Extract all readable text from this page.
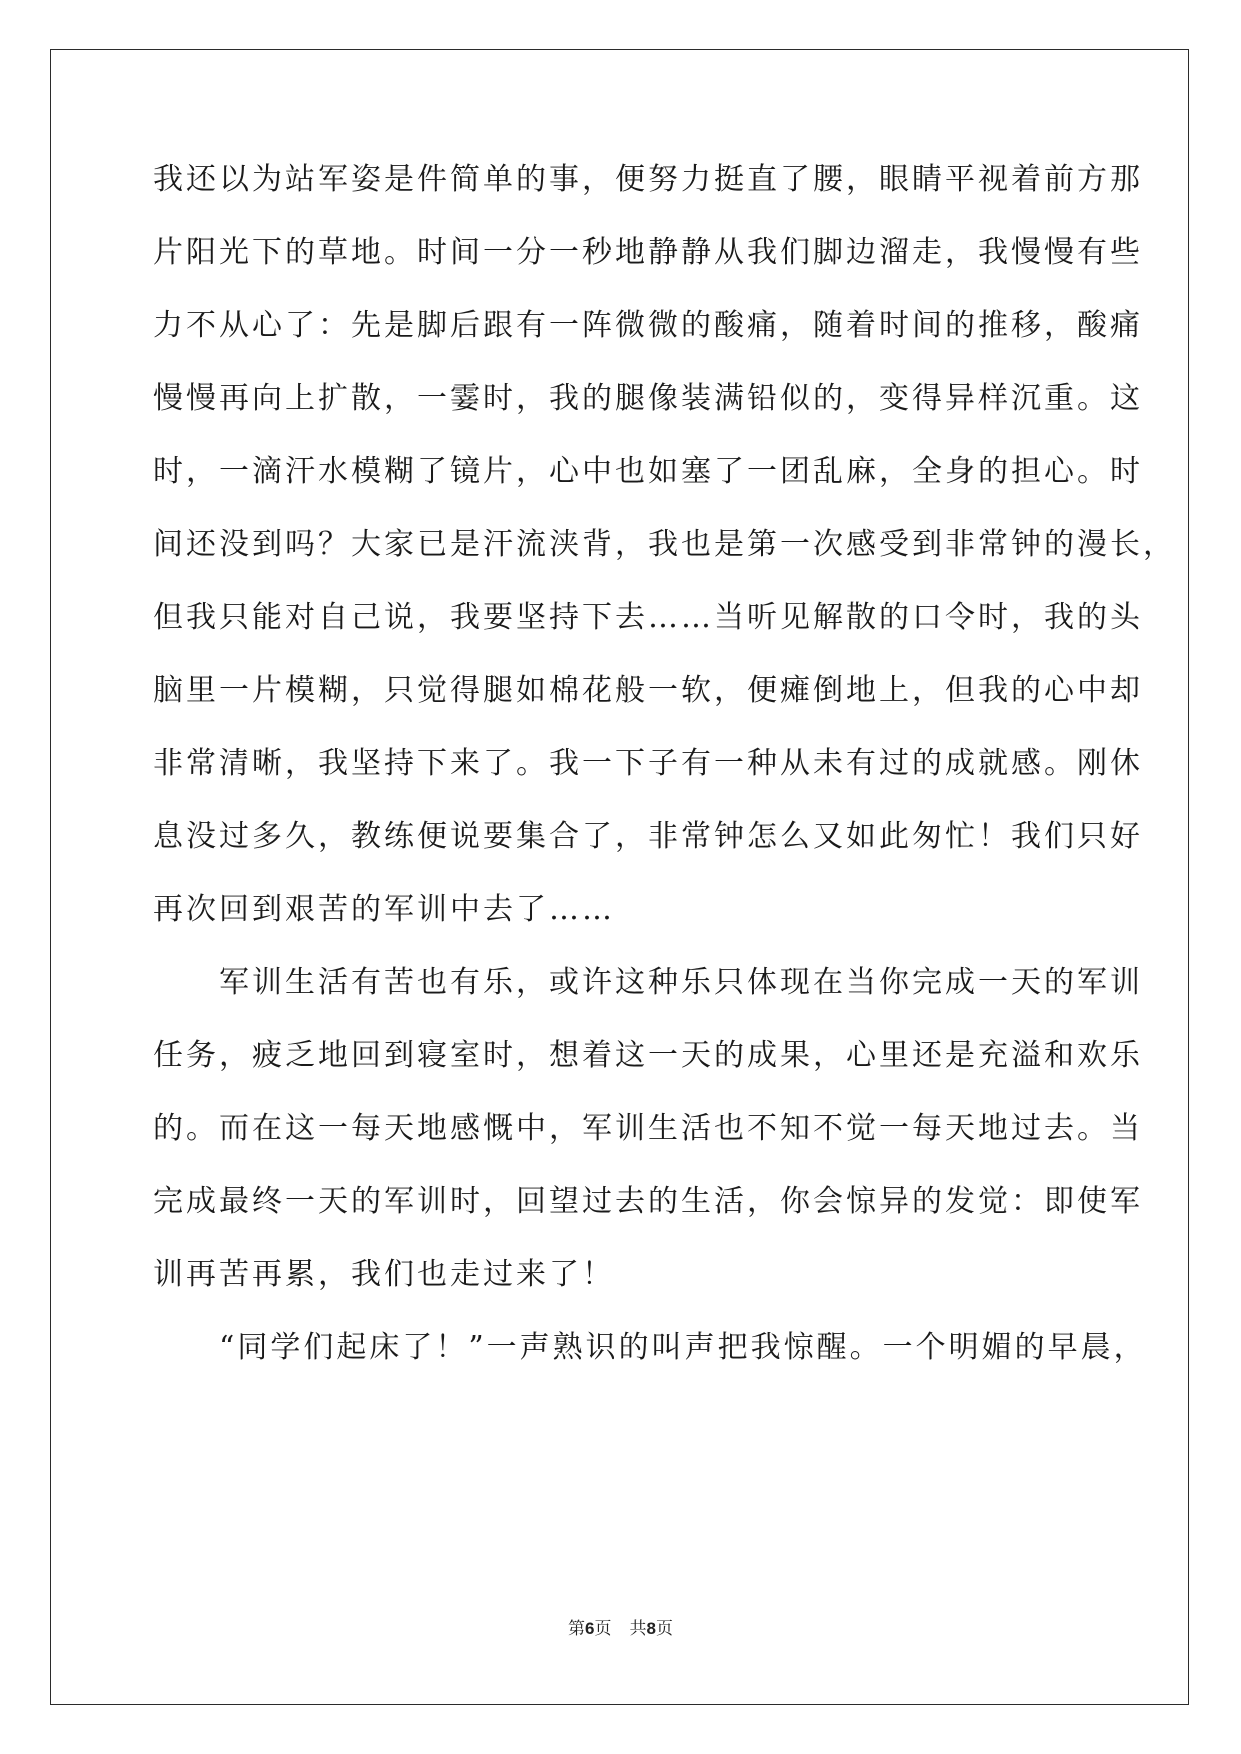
我还以为站军姿是件简单的事，便努力挺直了腰，眼睛平视着前方那
片阳光下的草地。时间一分一秒地静静从我们脚边溜走，我慢慢有些
力不从心了：先是脚后跟有一阵微微的酸痛，随着时间的推移，酸痛
慢慢再向上扩散，一霎时，我的腿像装满铅似的，变得异样沉重。这
时，一滴汗水模糊了镜片，心中也如塞了一团乱麻，全身的担心。时
间还没到吗？大家已是汗流浃背，我也是第一次感受到非常钟的漫长，
但我只能对自己说，我要坚持下去……当听见解散的口令时，我的头
脑里一片模糊，只觉得腿如棉花般一软，便瘫倒地上，但我的心中却
非常清晰，我坚持下来了。我一下子有一种从未有过的成就感。刚休
息没过多久，教练便说要集合了，非常钟怎么又如此匆忙！我们只好
再次回到艰苦的军训中去了……
　　军训生活有苦也有乐，或许这种乐只体现在当你完成一天的军训
任务，疲乏地回到寝室时，想着这一天的成果，心里还是充溢和欢乐
的。而在这一每天地感慨中，军训生活也不知不觉一每天地过去。当
完成最终一天的军训时，回望过去的生活，你会惊异的发觉：即使军
训再苦再累，我们也走过来了！
　　“同学们起床了！”一声熟识的叫声把我惊醒。一个明媚的早晨，
第6页 共8页
